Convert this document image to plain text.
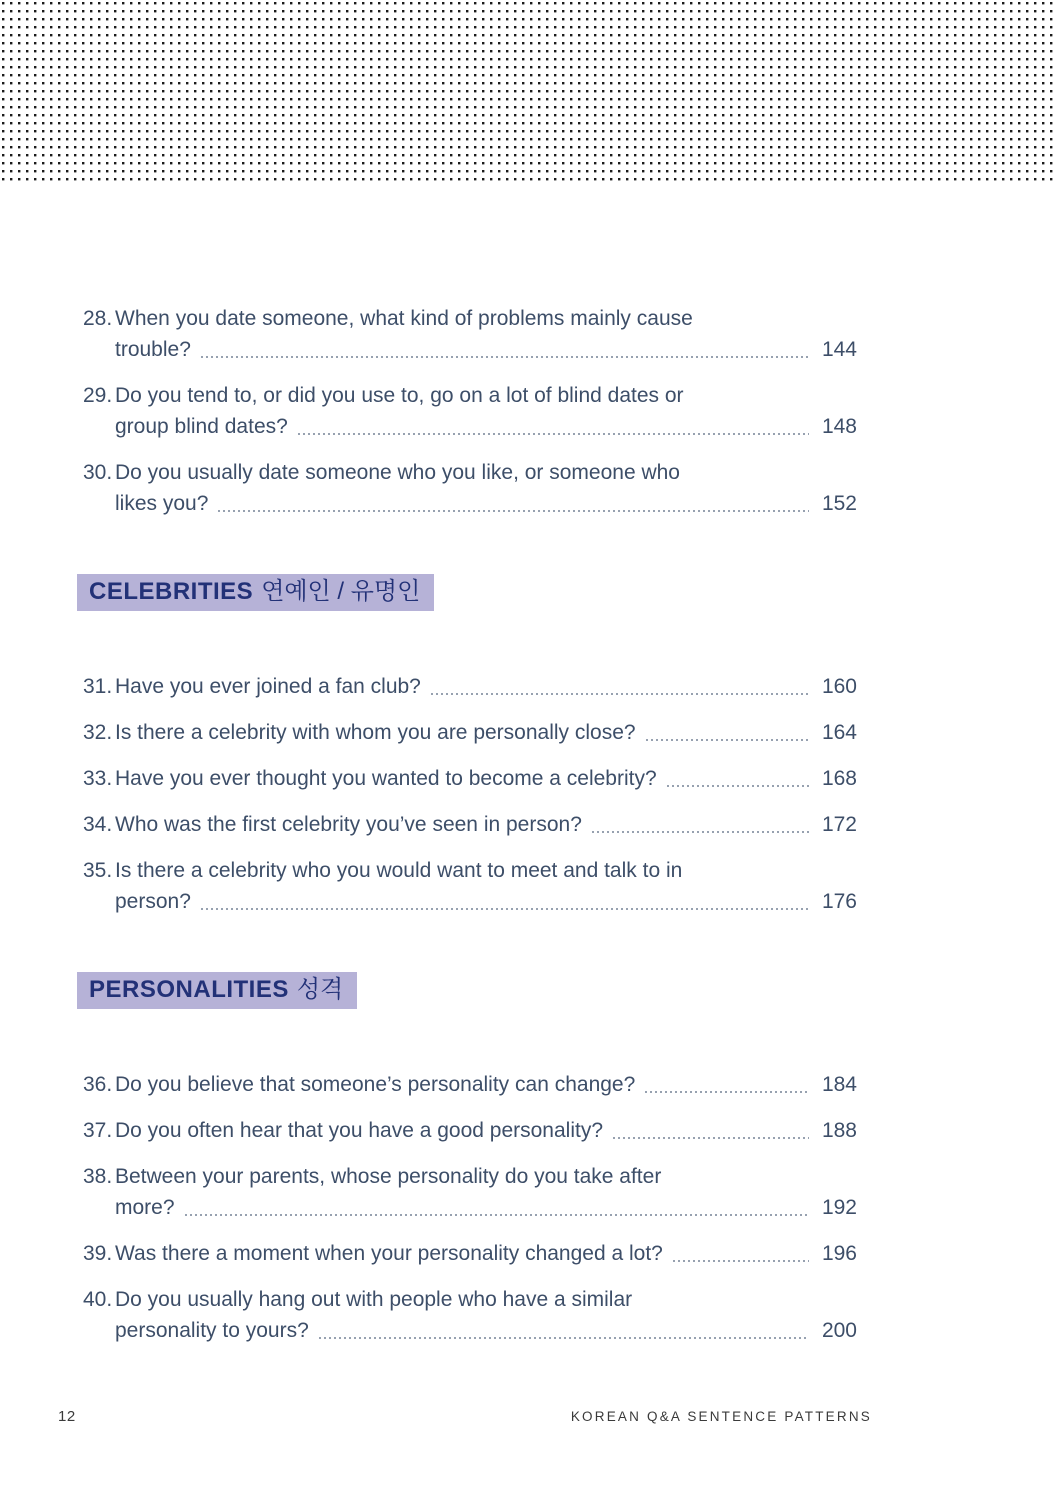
28. When you date someone, what kind of problems mainly cause
trouble?	144
29. Do you tend to, or did you use to, go on a lot of blind dates or
group blind dates?	148
30. Do you usually date someone who you like, or someone who
likes you?	152
CELEBRITIES 연예인 / 유명인
31. Have you ever joined a fan club?	160
32. Is there a celebrity with whom you are personally close?	164
33. Have you ever thought you wanted to become a celebrity?	168
34. Who was the first celebrity you’ve seen in person?	172
35. Is there a celebrity who you would want to meet and talk to in
person?	176
PERSONALITIES 성격
36. Do you believe that someone’s personality can change?	184
37. Do you often hear that you have a good personality?	188
38. Between your parents, whose personality do you take after
more?	192
39. Was there a moment when your personality changed a lot?	196
40. Do you usually hang out with people who have a similar
personality to yours?	200
12	KOREAN Q&A SENTENCE PATTERNS
